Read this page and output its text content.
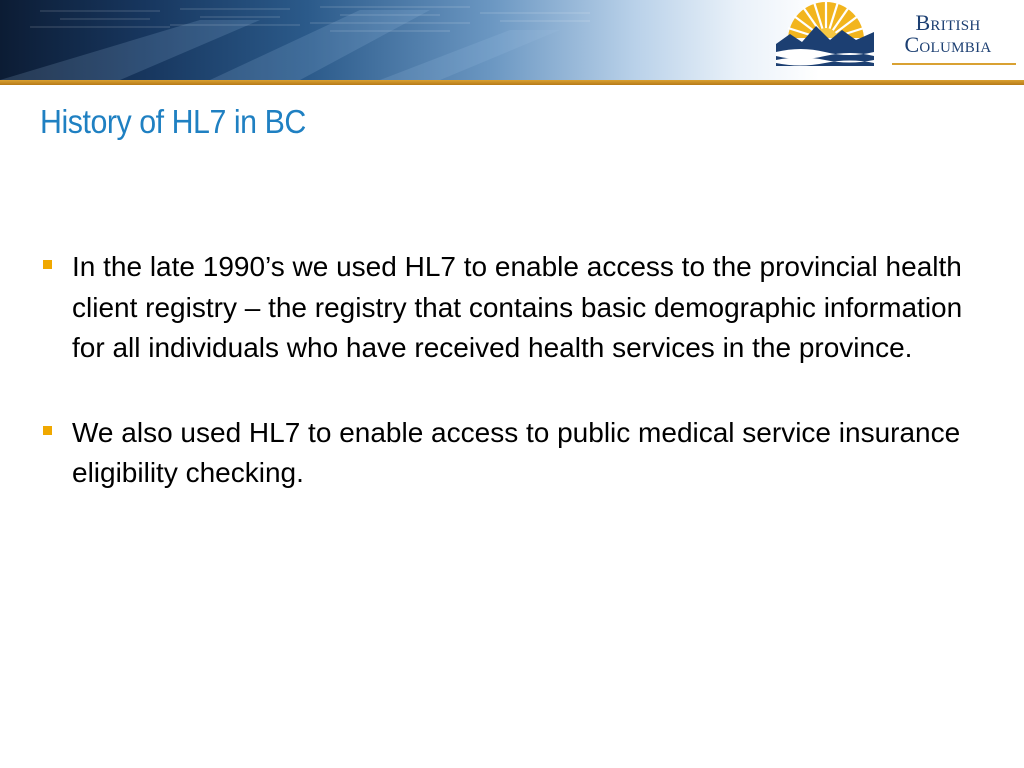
British
Columbia
History of HL7 in BC
In the late 1990’s we used HL7 to enable access to the provincial health client registry – the registry that contains basic demographic information for all individuals who have received health services in the province.
We also used HL7 to enable access to public medical service insurance eligibility checking.
